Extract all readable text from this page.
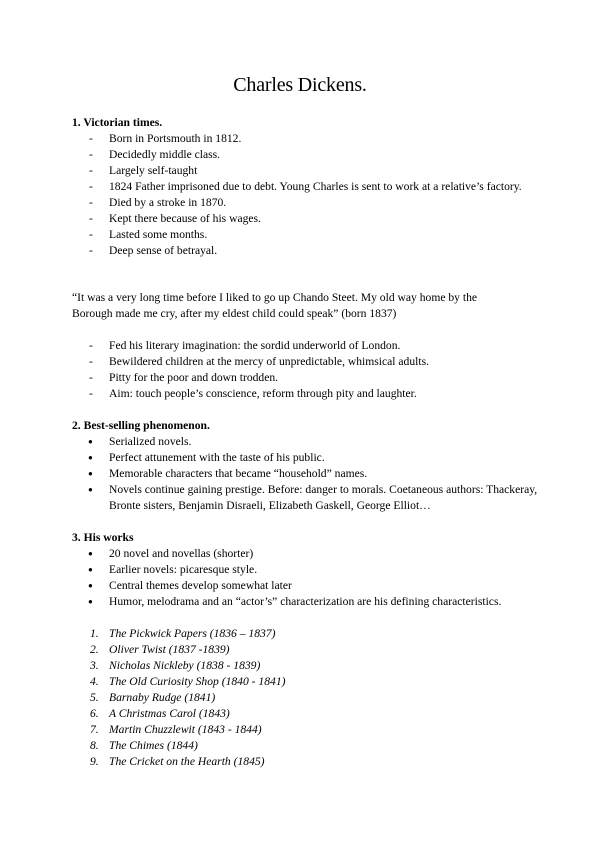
Charles Dickens.
1. Victorian times.
- Born in Portsmouth in 1812.
- Decidedly middle class.
- Largely self-taught
- 1824 Father imprisoned due to debt. Young Charles is sent to work at a relative’s factory.
- Died by a stroke in 1870.
- Kept there because of his wages.
- Lasted some months.
- Deep sense of betrayal.
“It was a very long time before I liked to go up Chando Steet. My old way home by the Borough made me cry, after my eldest child could speak” (born 1837)
- Fed his literary imagination: the sordid underworld of London.
- Bewildered children at the mercy of unpredictable, whimsical adults.
- Pitty for the poor and down trodden.
- Aim: touch people’s conscience, reform through pity and laughter.
2. Best-selling phenomenon.
● Serialized novels.
● Perfect attunement with the taste of his public.
● Memorable characters that became “household” names.
● Novels continue gaining prestige. Before: danger to morals. Coetaneous authors: Thackeray, Bronte sisters, Benjamin Disraeli, Elizabeth Gaskell, George Elliot…
3. His works
● 20 novel and novellas (shorter)
● Earlier novels: picaresque style.
● Central themes develop somewhat later
● Humor, melodrama and an “actor’s” characterization are his defining characteristics.
1. The Pickwick Papers (1836 – 1837)
2. Oliver Twist (1837 -1839)
3. Nicholas Nickleby (1838 - 1839)
4. The Old Curiosity Shop (1840 - 1841)
5. Barnaby Rudge (1841)
6. A Christmas Carol (1843)
7. Martin Chuzzlewit (1843 - 1844)
8. The Chimes (1844)
9. The Cricket on the Hearth (1845)
